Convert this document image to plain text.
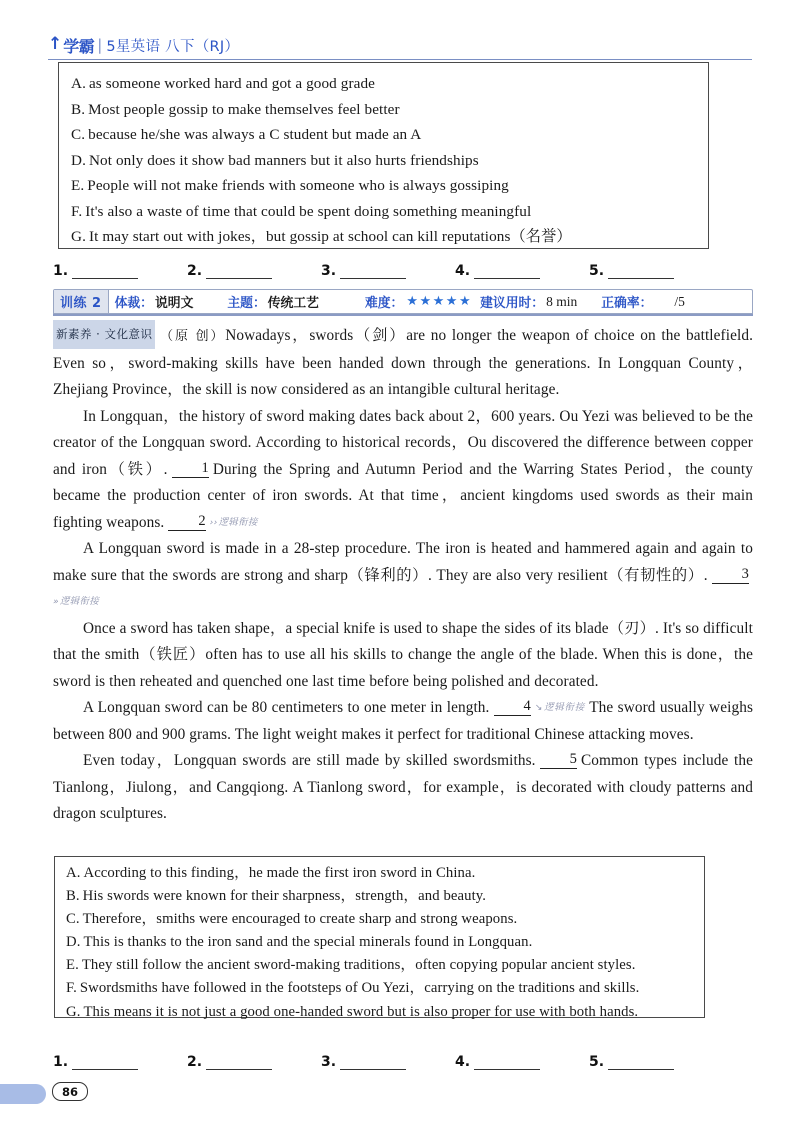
↑ 学霸 | 5星英语 八下（RJ）
A. as someone worked hard and got a good grade
B. Most people gossip to make themselves feel better
C. because he/she was always a C student but made an A
D. Not only does it show bad manners but it also hurts friendships
E. People will not make friends with someone who is always gossiping
F. It's also a waste of time that could be spent doing something meaningful
G. It may start out with jokes，but gossip at school can kill reputations（名誉）
1.	2.	3.	4.	5.
训练 2	体裁： 说明文	主题： 传统工艺	难度： ★★★★★ 建议用时： 8 min 正确率： /5

新素养 · 文化意识 （原 创）Nowadays，swords（剑）are no longer the weapon of choice on the battlefield. Even so，sword-making skills have been handed down through the generations. In Longquan County，Zhejiang Province，the skill is now considered as an intangible cultural heritage.

In Longquan，the history of sword making dates back about 2，600 years. Ou Yezi was believed to be the creator of the Longquan sword. According to historical records，Ou discovered the difference between copper and iron（铁）. 1 During the Spring and Autumn Period and the Warring States Period，the county became the production center of iron swords. At that time，ancient kingdoms used swords as their main fighting weapons. 2 ››逻辑衔接

A Longquan sword is made in a 28-step procedure. The iron is heated and hammered again and again to make sure that the swords are strong and sharp（锋利的）. They are also very resilient（有韧性的）. 3»逻辑衔接

Once a sword has taken shape，a special knife is used to shape the sides of its blade（刃）. It's so difficult that the smith（铁匠）often has to use all his skills to change the angle of the blade. When this is done，the sword is then reheated and quenched one last time before being polished and decorated.

A Longquan sword can be 80 centimeters to one meter in length. 4 ↘逻辑衔接 The sword usually weighs between 800 and 900 grams. The light weight makes it perfect for traditional Chinese attacking moves.

Even today，Longquan swords are still made by skilled swordsmiths. 5 Common types include the Tianlong，Jiulong，and Cangqiong. A Tianlong sword，for example，is decorated with cloudy patterns and dragon sculptures.

A. According to this finding，he made the first iron sword in China.
B. His swords were known for their sharpness，strength，and beauty.
C. Therefore，smiths were encouraged to create sharp and strong weapons.
D. This is thanks to the iron sand and the special minerals found in Longquan.
E. They still follow the ancient sword-making traditions，often copying popular ancient styles.
F. Swordsmiths have followed in the footsteps of Ou Yezi，carrying on the traditions and skills.
G. This means it is not just a good one-handed sword but is also proper for use with both hands.
1.	2.	3.	4.	5.
86
